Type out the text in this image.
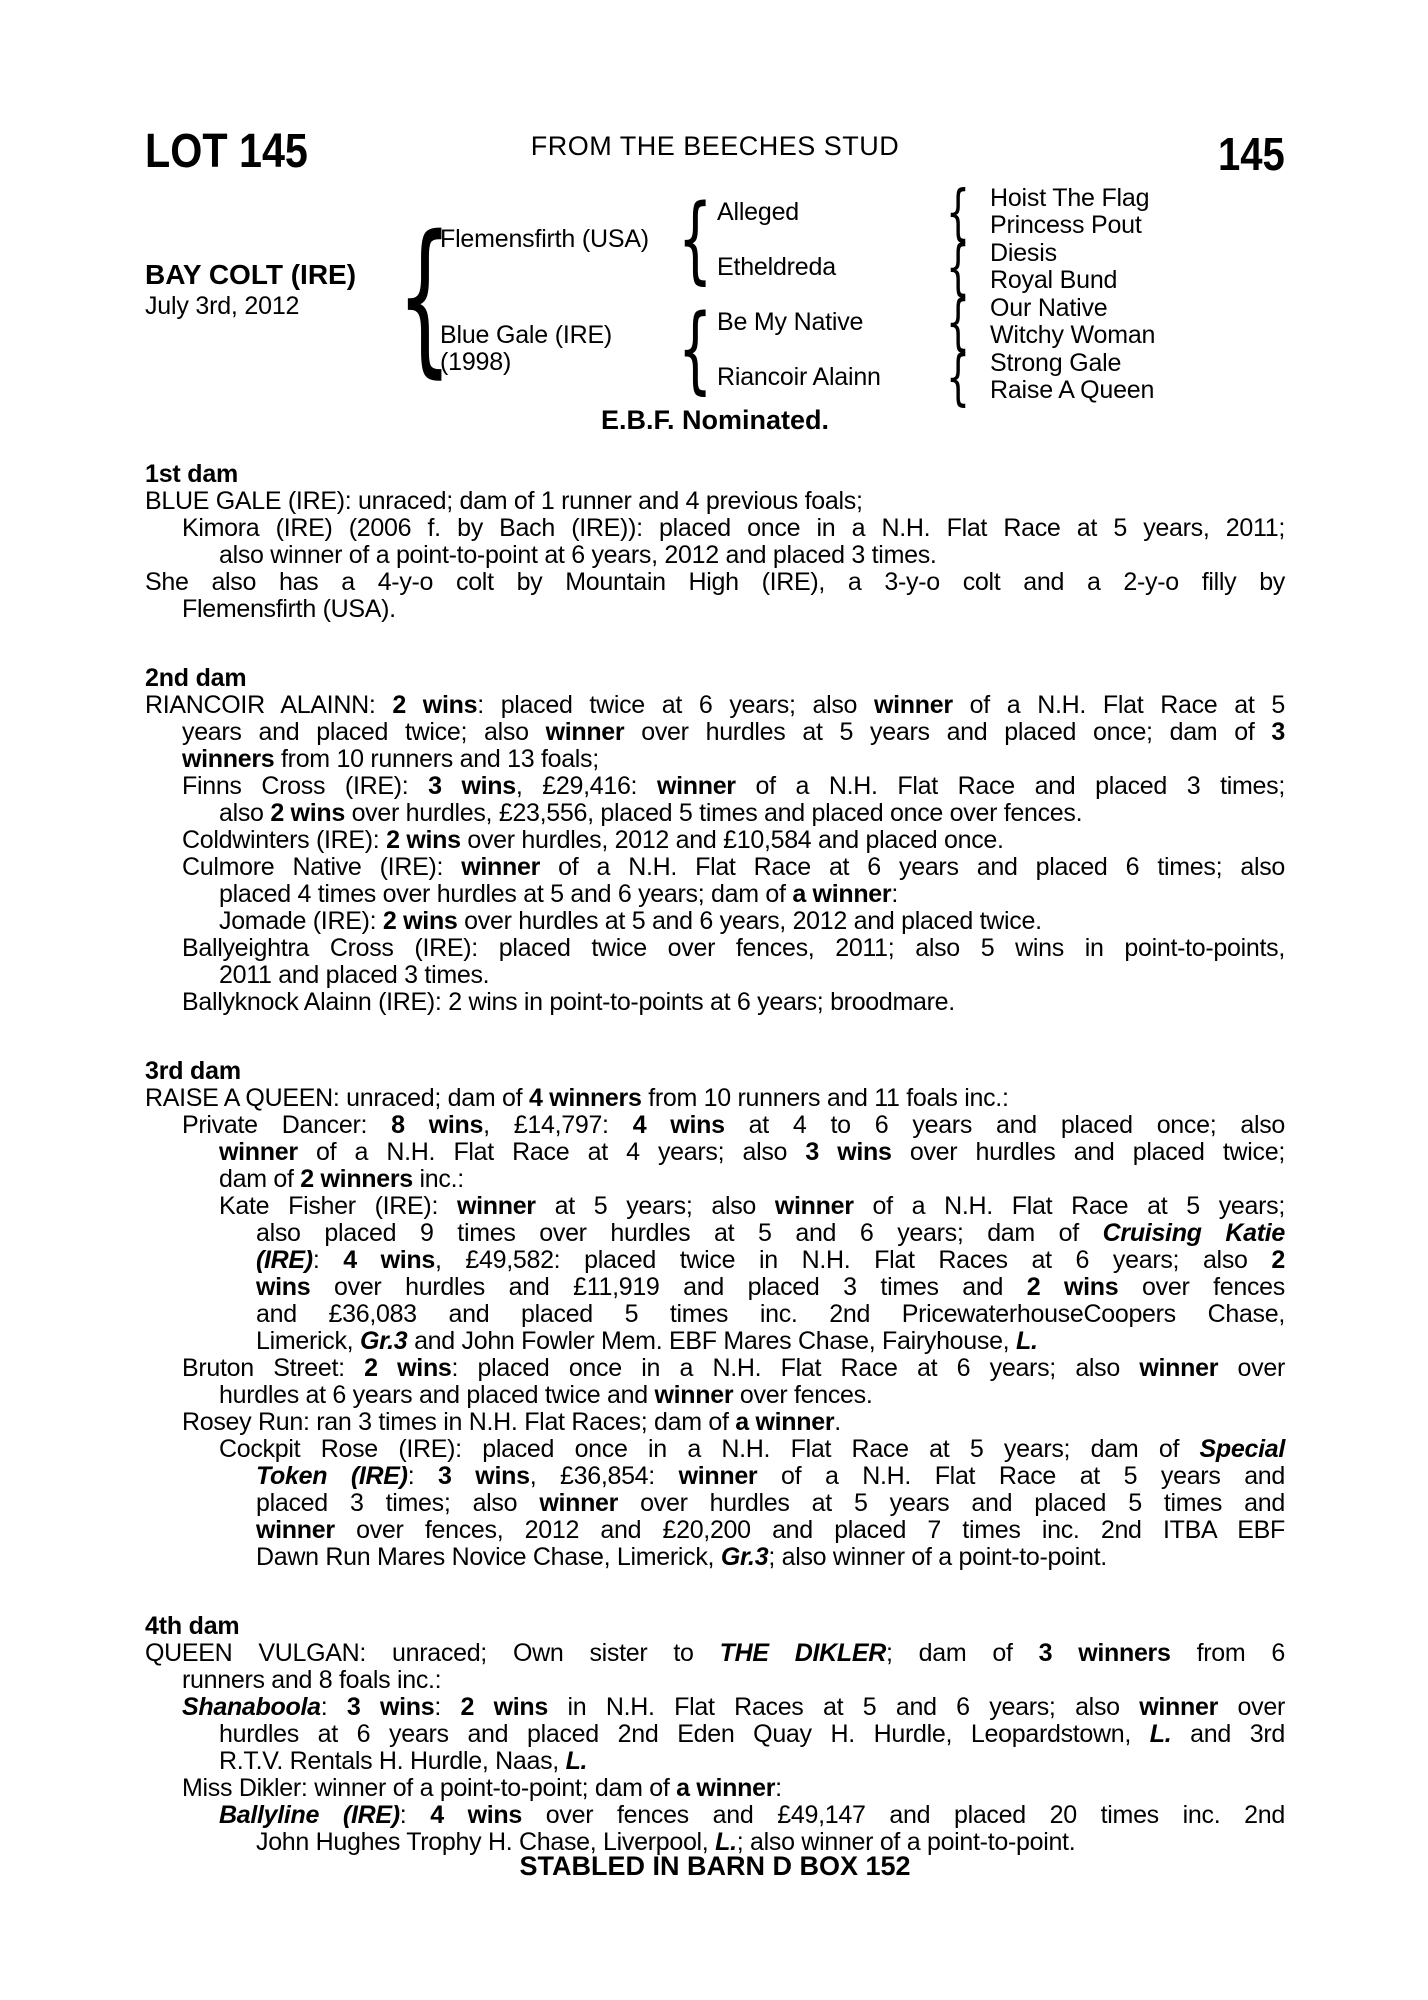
LOT 145	FROM THE BEECHES STUD	145
BAY COLT (IRE)
July 3rd, 2012 {
Flemensfirth (USA)
Blue Gale (IRE)
(1998)
{
{
Alleged
Etheldreda
Be My Native
Riancoir Alainn
{
{
{
{
Hoist The Flag
Princess Pout
Diesis
Royal Bund
Our Native
Witchy Woman
Strong Gale
Raise A Queen
E.B.F. Nominated.
1st dam
BLUE GALE (IRE): unraced; dam of 1 runner and 4 previous foals;
Kimora (IRE) (2006 f. by Bach (IRE)): placed once in a N.H. Flat Race at 5 years, 2011;
also winner of a point-to-point at 6 years, 2012 and placed 3 times.
She also has a 4-y-o colt by Mountain High (IRE), a 3-y-o colt and a 2-y-o filly by
Flemensfirth (USA).
2nd dam
RIANCOIR ALAINN: 2 wins: placed twice at 6 years; also winner of a N.H. Flat Race at 5
years and placed twice; also winner over hurdles at 5 years and placed once; dam of 3
winners from 10 runners and 13 foals;
Finns Cross (IRE): 3 wins, £29,416: winner of a N.H. Flat Race and placed 3 times;
also 2 wins over hurdles, £23,556, placed 5 times and placed once over fences.
Coldwinters (IRE): 2 wins over hurdles, 2012 and £10,584 and placed once.
Culmore Native (IRE): winner of a N.H. Flat Race at 6 years and placed 6 times; also
placed 4 times over hurdles at 5 and 6 years; dam of a winner:
Jomade (IRE): 2 wins over hurdles at 5 and 6 years, 2012 and placed twice.
Ballyeightra Cross (IRE): placed twice over fences, 2011; also 5 wins in point-to-points,
2011 and placed 3 times.
Ballyknock Alainn (IRE): 2 wins in point-to-points at 6 years; broodmare.
3rd dam
RAISE A QUEEN: unraced; dam of 4 winners from 10 runners and 11 foals inc.:
Private Dancer: 8 wins, £14,797: 4 wins at 4 to 6 years and placed once; also
winner of a N.H. Flat Race at 4 years; also 3 wins over hurdles and placed twice;
dam of 2 winners inc.:
Kate Fisher (IRE): winner at 5 years; also winner of a N.H. Flat Race at 5 years;
also placed 9 times over hurdles at 5 and 6 years; dam of Cruising Katie
(IRE): 4 wins, £49,582: placed twice in N.H. Flat Races at 6 years; also 2
wins over hurdles and £11,919 and placed 3 times and 2 wins over fences
and £36,083 and placed 5 times inc. 2nd PricewaterhouseCoopers Chase,
Limerick, Gr.3 and John Fowler Mem. EBF Mares Chase, Fairyhouse, L.
Bruton Street: 2 wins: placed once in a N.H. Flat Race at 6 years; also winner over
hurdles at 6 years and placed twice and winner over fences.
Rosey Run: ran 3 times in N.H. Flat Races; dam of a winner.
Cockpit Rose (IRE): placed once in a N.H. Flat Race at 5 years; dam of Special
Token (IRE): 3 wins, £36,854: winner of a N.H. Flat Race at 5 years and
placed 3 times; also winner over hurdles at 5 years and placed 5 times and
winner over fences, 2012 and £20,200 and placed 7 times inc. 2nd ITBA EBF
Dawn Run Mares Novice Chase, Limerick, Gr.3; also winner of a point-to-point.
4th dam
QUEEN VULGAN: unraced; Own sister to THE DIKLER; dam of 3 winners from 6
runners and 8 foals inc.:
Shanaboola: 3 wins: 2 wins in N.H. Flat Races at 5 and 6 years; also winner over
hurdles at 6 years and placed 2nd Eden Quay H. Hurdle, Leopardstown, L. and 3rd
R.T.V. Rentals H. Hurdle, Naas, L.
Miss Dikler: winner of a point-to-point; dam of a winner:
Ballyline (IRE): 4 wins over fences and £49,147 and placed 20 times inc. 2nd
John Hughes Trophy H. Chase, Liverpool, L.; also winner of a point-to-point.
STABLED IN BARN D BOX 152
